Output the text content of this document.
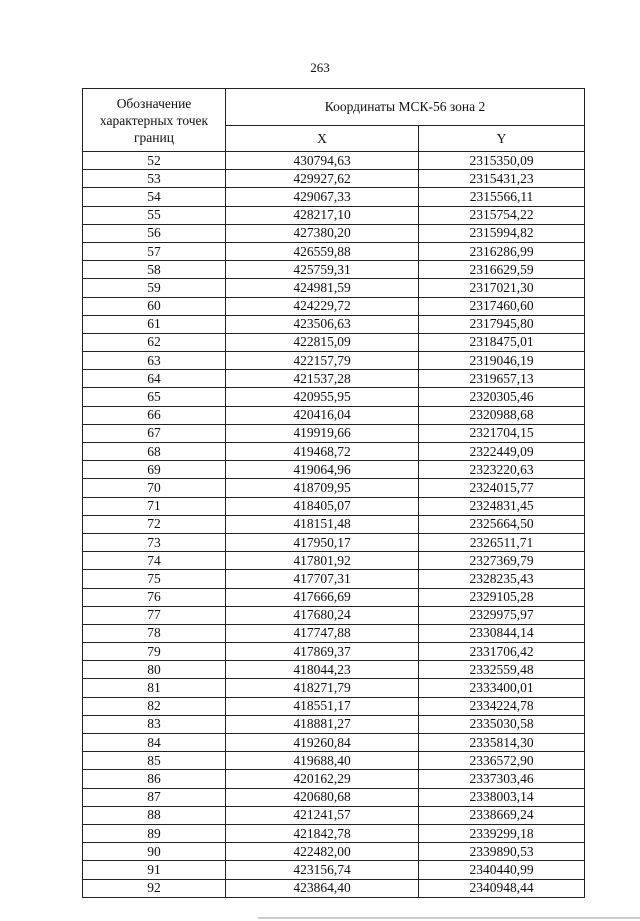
263
Обозначение характерных точек границ	Координаты МСК-56 зона 2	
	X	Y
52	430794,63	2315350,09
53	429927,62	2315431,23
54	429067,33	2315566,11
55	428217,10	2315754,22
56	427380,20	2315994,82
57	426559,88	2316286,99
58	425759,31	2316629,59
59	424981,59	2317021,30
60	424229,72	2317460,60
61	423506,63	2317945,80
62	422815,09	2318475,01
63	422157,79	2319046,19
64	421537,28	2319657,13
65	420955,95	2320305,46
66	420416,04	2320988,68
67	419919,66	2321704,15
68	419468,72	2322449,09
69	419064,96	2323220,63
70	418709,95	2324015,77
71	418405,07	2324831,45
72	418151,48	2325664,50
73	417950,17	2326511,71
74	417801,92	2327369,79
75	417707,31	2328235,43
76	417666,69	2329105,28
77	417680,24	2329975,97
78	417747,88	2330844,14
79	417869,37	2331706,42
80	418044,23	2332559,48
81	418271,79	2333400,01
82	418551,17	2334224,78
83	418881,27	2335030,58
84	419260,84	2335814,30
85	419688,40	2336572,90
86	420162,29	2337303,46
87	420680,68	2338003,14
88	421241,57	2338669,24
89	421842,78	2339299,18
90	422482,00	2339890,53
91	423156,74	2340440,99
92	423864,40	2340948,44
